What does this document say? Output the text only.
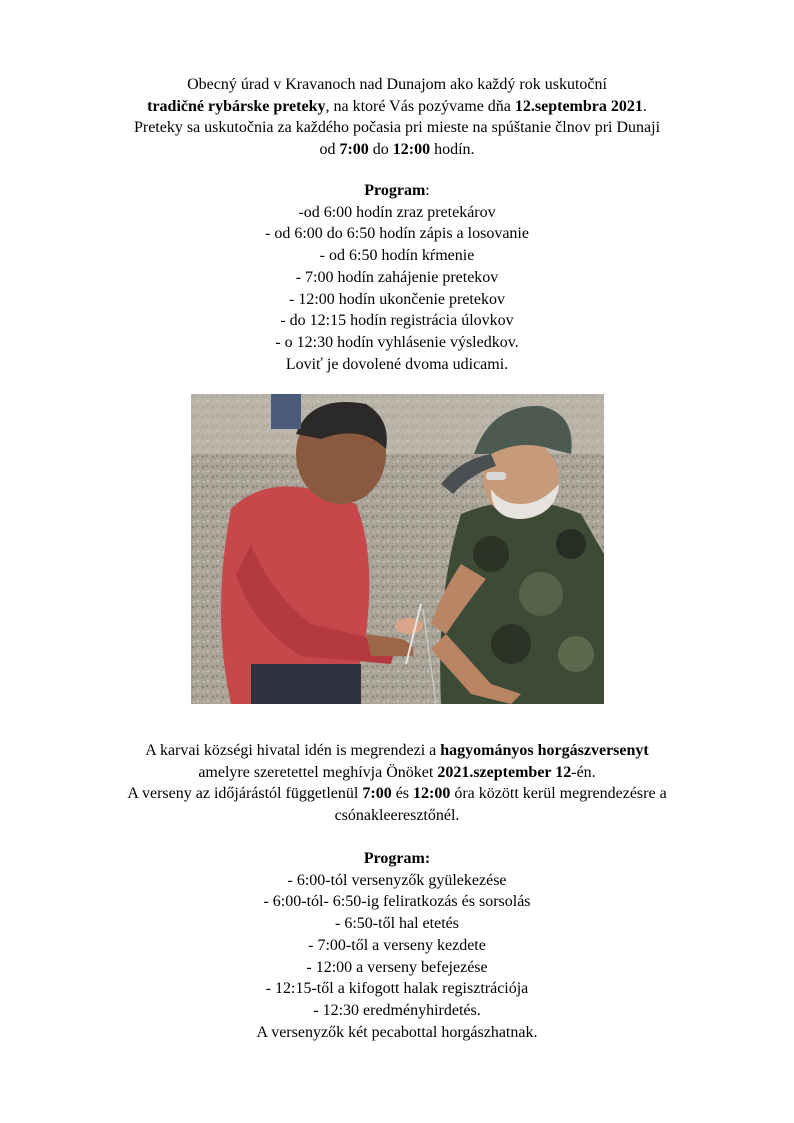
Obecný úrad v Kravanoch nad Dunajom ako každý rok uskutoční
tradičné rybárske preteky, na ktoré Vás pozývame dňa 12.septembra 2021.
Preteky sa uskutočnia za každého počasia pri mieste na spúštanie člnov pri Dunaji
od 7:00 do 12:00 hodín.
Program:
-od 6:00 hodín zraz pretekárov
- od 6:00 do 6:50 hodín zápis a losovanie
- od 6:50 hodín kŕmenie
- 7:00 hodín zahájenie pretekov
- 12:00 hodín ukončenie pretekov
- do 12:15 hodín registrácia úlovkov
- o 12:30 hodín vyhlásenie výsledkov.
Loviť je dovolené dvoma udicami.
A karvai községi hivatal idén is megrendezi a hagyományos horgászversenyt
amelyre szeretettel meghívja Önöket 2021.szeptember 12-én.
A verseny az időjárástól függetlenül 7:00 és 12:00 óra között kerül megrendezésre a
csónakleeresztőnél.
Program:
- 6:00-tól versenyzők gyülekezése
- 6:00-tól- 6:50-ig feliratkozás és sorsolás
- 6:50-től hal etetés
- 7:00-től a verseny kezdete
- 12:00 a verseny befejezése
- 12:15-től a kifogott halak regisztrációja
- 12:30 eredményhirdetés.
A versenyzők két pecabottal horgászhatnak.
